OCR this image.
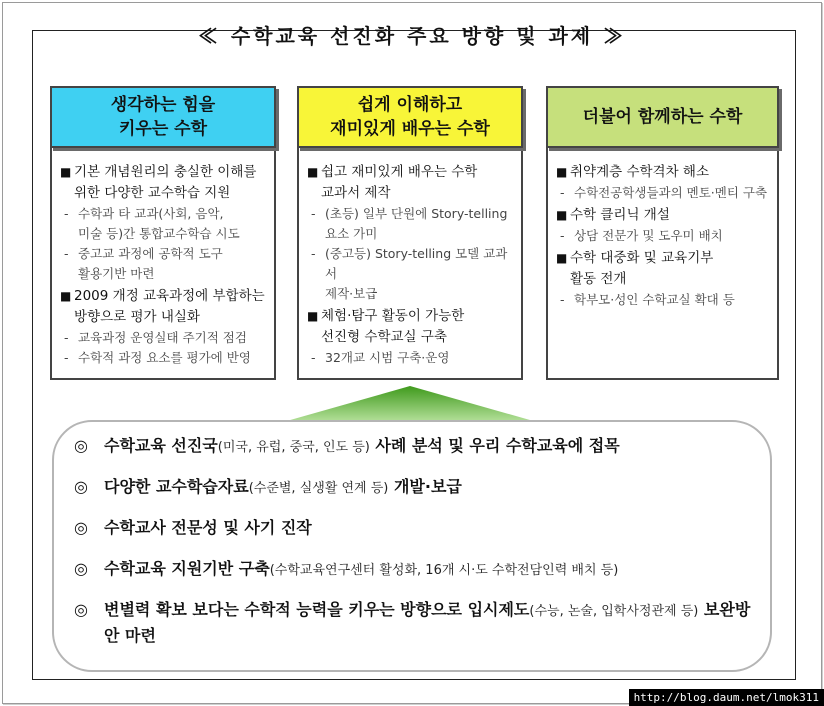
≪ 수학교육 선진화 주요 방향 및 과제 ≫
생각하는 힘을
키우는 수학
■ 기본 개념원리의 충실한 이해를
위한 다양한 교수학습 지원
- 수학과 타 교과(사회, 음악,
미술 등)간 통합교수학습 시도
- 중고교 과정에 공학적 도구
활용기반 마련
■ 2009 개정 교육과정에 부합하는
방향으로 평가 내실화
- 교육과정 운영실태 주기적 점검
- 수학적 과정 요소를 평가에 반영
쉽게 이해하고
재미있게 배우는 수학
■ 쉽고 재미있게 배우는 수학
교과서 제작
- (초등) 일부 단원에 Story-telling
요소 가미
- (중고등) Story-telling 모델 교과서
제작·보급
■ 체험·탐구 활동이 가능한
선진형 수학교실 구축
- 32개교 시범 구축·운영
더불어 함께하는 수학
■ 취약계층 수학격차 해소
- 수학전공학생들과의 멘토·멘티 구축
■ 수학 클리닉 개설
- 상담 전문가 및 도우미 배치
■ 수학 대중화 및 교육기부
활동 전개
- 학부모·성인 수학교실 확대 등
◎	수학교육 선진국(미국, 유럽, 중국, 인도 등) 사례 분석 및 우리 수학교육에 접목
◎	다양한 교수학습자료(수준별, 실생활 연계 등) 개발·보급
◎	수학교사 전문성 및 사기 진작
◎	수학교육 지원기반 구축(수학교육연구센터 활성화, 16개 시·도 수학전담인력 배치 등)
◎	변별력 확보 보다는 수학적 능력을 키우는 방향으로 입시제도(수능, 논술, 입학사정관제 등) 보완방안 마련
http://blog.daum.net/lmok311
